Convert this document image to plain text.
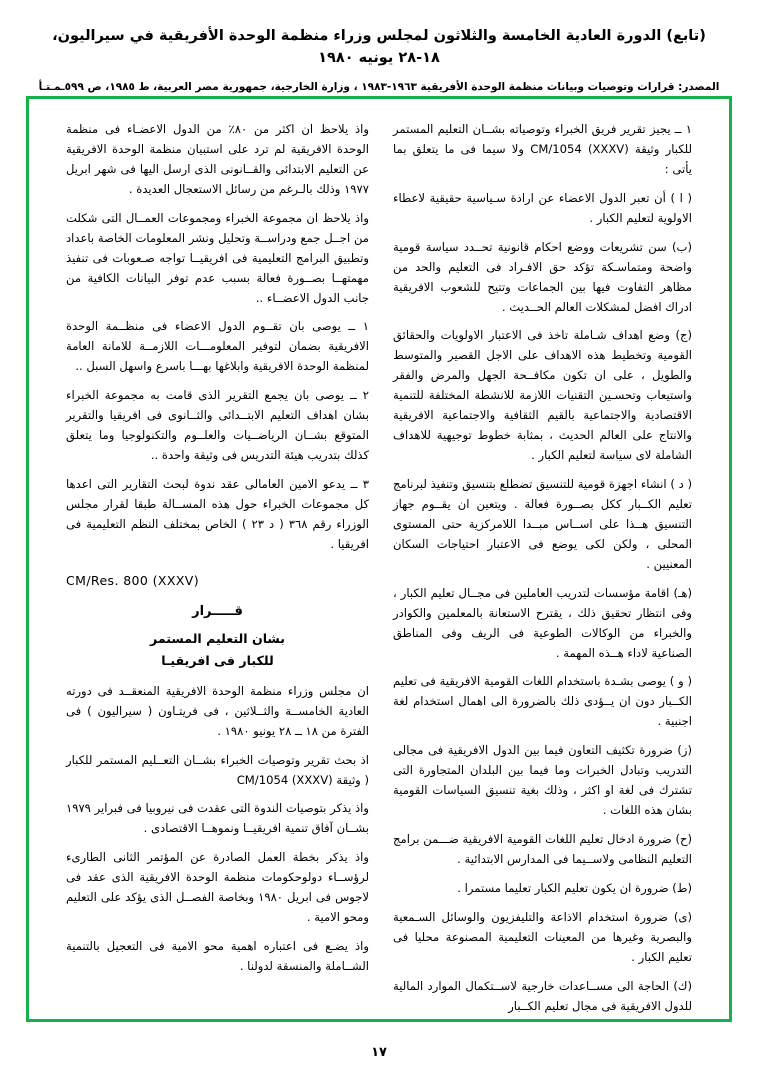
(تابع) الدورة العادية الخامسة والثلاثون لمجلس وزراء منظمة الوحدة الأفريقية في سيراليون، ١٨-٢٨ يونيه ١٩٨٠
المصدر: قرارات وتوصيات وبيانات منظمة الوحدة الأفريقية ١٩٦٣-١٩٨٣ ، وزارة الخارجية، جمهورية مصر العربية، ط ١٩٨٥، ص ٥٩٩ـمـتـأ

١ ــ يجيز تقرير فريق الخبراء وتوصياته بشــان التعليم المستمر للكبار وثيقة (CM/1054 (XXXV ولا سيما فى ما يتعلق بما يأتى :

( ا ) أن تعبر الدول الاعضاء عن ارادة سـياسية حقيقية لاعطاء الاولوية لتعليم الكبار .

(ب) سن تشريعات ووضع احكام قانونية تحــدد سياسة قومية واضحة ومتماسـكة تؤكد حق الافـراد فى التعليم والحد من مظاهر التفاوت فيها بين الجماعات وتتيح للشعوب الافريقية ادراك افضل لمشكلات العالم الحــديث .

(ج) وضع اهداف شـاملة تاخذ فى الاعتبار الاولويات والحقائق القومية وتخطيط هذه الاهداف على الاجل القصير والمتوسط والطويل ، على ان تكون مكافــحة الجهل والمرض والفقر واستيعاب وتحسـين التقنيات اللازمة للانشطة المختلفة للتنمية الاقتصادية والاجتماعية بالقيم الثقافية والاجتماعية الافريقية والانتاج على العالم الحديث ، بمثابة خطوط توجيهية للاهداف الشاملة لاى سياسة لتعليم الكبار .

( د ) انشاء اجهزة قومية للتنسيق تضطلع بتنسيق وتنفيذ لبرنامج تعليم الكــبار ككل بصــورة فعالة . ويتعين ان يقــوم جهاز التنسيق هــذا على اســاس مبــدا اللامركزية حتى المستوى المحلى ، ولكن لكى يوضع فى الاعتبار احتياجات السكان المعنيين .

(هـ) اقامة مؤسسات لتدريب العاملين فى مجــال تعليم الكبار ، وفى انتظار تحقيق ذلك ، يقترح الاستعانة بالمعلمين والكوادر والخبراء من الوكالات الطوعية فى الريف وفى المناطق الصناعية لاداء هــذه المهمة .

( و ) يوصى بشـدة باستخدام اللغات القومية الافريقية فى تعليم الكــبار دون ان يــؤدى ذلك بالضرورة الى اهمال استخدام لغة اجنبية .

(ز) ضرورة تكثيف التعاون فيما بين الدول الافريقية فى مجالى التدريب وتبادل الخبرات وما فيما بين البلدان المتجاورة التى تشترك فى لغة او اكثر ، وذلك بغية تنسيق السياسات القومية بشان هذه اللغات .

(ح) ضرورة ادخال تعليم اللغات القومية الافريقية ضـــمن برامج التعليم النظامى ولاســيما فى المدارس الابتدائية .

(ط) ضرورة ان يكون تعليم الكبار تعليما مستمرا .

(ى) ضرورة استخدام الاذاعة والتليفزيون والوسائل السـمعية والبصرية وغيرها من المعينات التعليمية المصنوعة محليا فى تعليم الكبار .

(ك) الحاجة الى مســاعدات خارجية لاســتكمال الموارد المالية للدول الافريقية فى مجال تعليم الكــبار

واذ يلاحظ ان اكثر من ٨٠٪ من الدول الاعضـاء فى منظمة الوحدة الافريقية لم ترد على استبيان منظمة الوحدة الافريقية عن التعليم الابتدائى والقــانونى الذى ارسل اليها فى شهر ابريل ١٩٧٧ وذلك بالـرغم من رسائل الاستعجال العديدة .

واذ يلاحظ ان مجموعة الخبراء ومجموعات العمــال التى شكلت من اجــل جمع ودراســة وتحليل ونشر المعلومات الخاصة باعداد وتطبيق البرامج التعليمية فى افريقيــا تواجه صـعوبات فى تنفيذ مهمتهــا بصــورة فعالة بسبب عدم توفر البيانات الكافية من جانب الدول الاعضــاء ..

١ ــ يوصى بان تقــوم الدول الاعضاء فى منظــمة الوحدة الافريقية بضمان لتوفير المعلومـــات اللازمــة للامانة العامة لمنظمة الوحدة الافريقية وابلاغها بهـــا باسرع واسهل السبل ..

٢ ــ يوصى بان يجمع التقرير الذى قامت به مجموعة الخبراء بشان اهداف التعليم الابتــدائى والثــانوى فى افريقيا والتقرير المتوقع بشــان الرياضــيات والعلــوم والتكنولوجيا وما يتعلق كذلك بتدريب هيئة التدريس فى وثيقة واحدة ..

٣ ــ يدعو الامين العامالى عقد ندوة لبحث التقارير التى اعدها كل مجموعات الخبراء حول هذه المســالة طبقا لقرار مجلس الوزراء رقم ٣٦٨ ( د ٢٣ ) الخاص بمختلف النظم التعليمية فى افريقيا .

CM/Res. 800 (XXXV)
قـــــرار
بشان التعليم المستمر
للكبار فى افريقيـا

ان مجلس وزراء منظمة الوحدة الافريقية المنعقــد فى دورته العادية الخامســة والثــلاثين ، فى فريتـاون ( سيراليون ) فى الفترة من ١٨ ــ ٢٨ يونيو ١٩٨٠ .

اذ بحث تقرير وتوصيات الخبراء بشــان التعــليم المستمر للكبار ( وثيقة (CM/1054 (XXXV

واذ يذكر بتوصيات الندوة التى عقدت فى نيروبيا فى فبراير ١٩٧٩ بشــان آفاق تنمية افريقيــا ونموهــا الاقتصادى .

واذ يذكر بخطة العمل الصادرة عن المؤتمر الثانى الطارىء لرؤســاء دولوحكومات منظمة الوحدة الافريقية الذى عقد فى لاجوس فى ابريل ١٩٨٠ وبخاصة الفصــل الذى يؤكد على التعليم ومحو الامية .

واذ يضـع فى اعتباره اهمية محو الامية فى التعجيل بالتنمية الشــاملة والمنسقة لدولنا .

١٧
